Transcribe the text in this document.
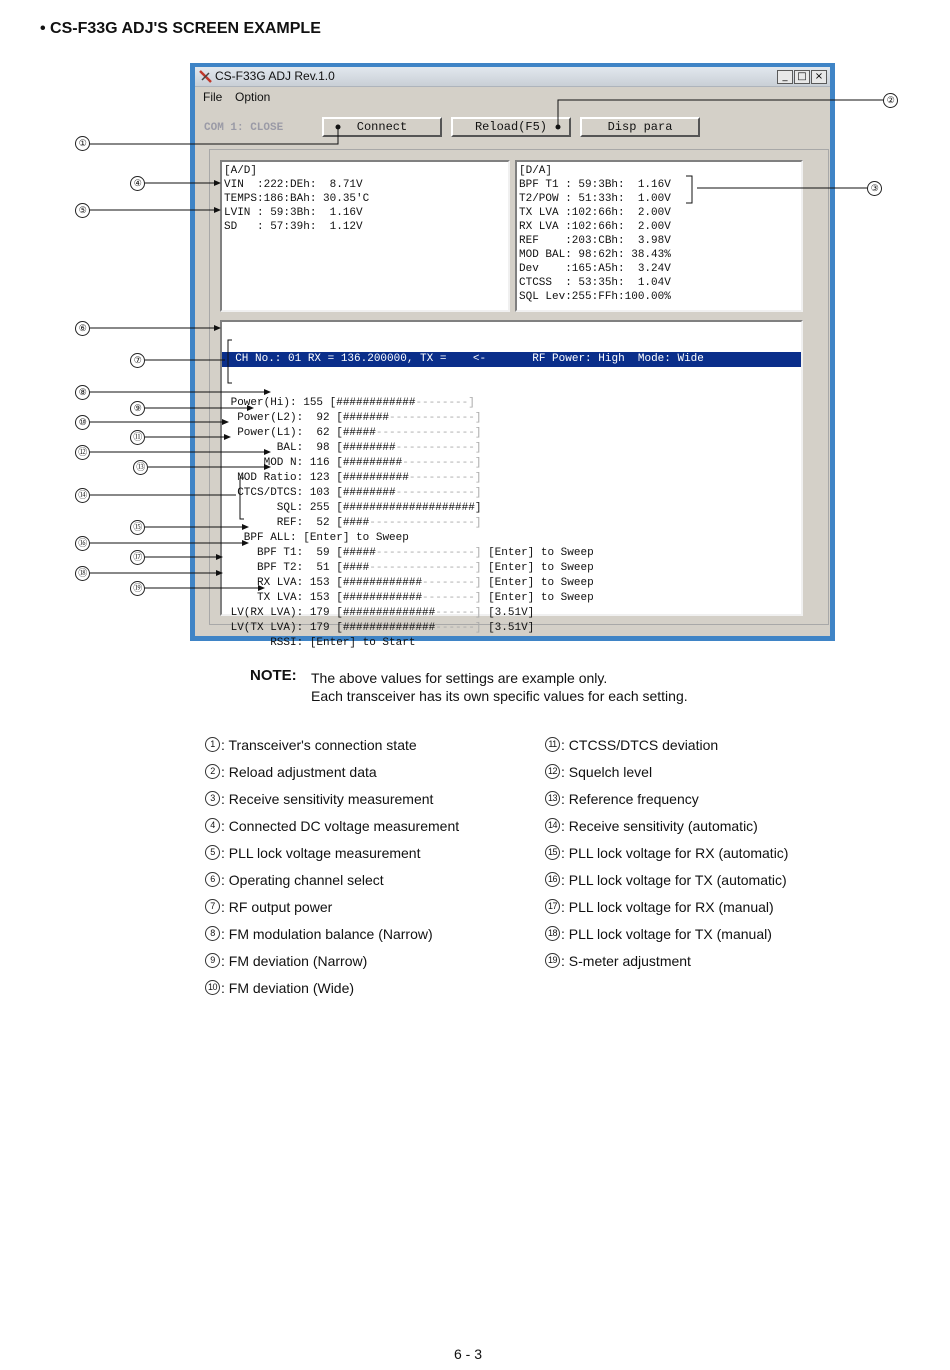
• CS-F33G ADJ'S SCREEN EXAMPLE
CS-F33G ADJ Rev.1.0	_ □ ×
File Option
COM 1: CLOSE	Connect	Reload(F5)	Disp para
[A/D]
VIN  :222:DEh:  8.71V
TEMPS:186:BAh: 30.35'C
LVIN : 59:3Bh:  1.16V
SD   : 57:39h:  1.12V
[D/A]
BPF T1 : 59:3Bh:  1.16V
T2/POW : 51:33h:  1.00V
TX LVA :102:66h:  2.00V
RX LVA :102:66h:  2.00V
REF    :203:CBh:  3.98V
MOD BAL: 98:62h: 38.43%
Dev    :165:A5h:  3.24V
CTCSS  : 53:35h:  1.04V
SQL Lev:255:FFh:100.00%

CH No.: 01 RX = 136.200000, TX =    <-       RF Power: High  Mode: Wide

Power(Hi): 155 [############--------]
Power(L2):  92 [#######-------------]
Power(L1):  62 [#####---------------]
BAL:  98 [########------------]
MOD N: 116 [#########-----------]
MOD Ratio: 123 [##########----------]
CTCS/DTCS: 103 [########------------]
SQL: 255 [####################]
REF:  52 [####----------------]
BPF ALL: [Enter] to Sweep
BPF T1:  59 [#####---------------] [Enter] to Sweep
BPF T2:  51 [####----------------] [Enter] to Sweep
RX LVA: 153 [############--------] [Enter] to Sweep
TX LVA: 153 [############--------] [Enter] to Sweep
LV(RX LVA): 179 [##############------] [3.51V]
LV(TX LVA): 179 [##############------] [3.51V]
RSSI: [Enter] to Start
①
②
③
④
⑤
⑥
⑦
⑧
⑨
⑩
⑪
⑫
⑬
⑭
⑮
⑯
⑰
⑱
⑲
NOTE: The above values for settings are example only.
Each transceiver has its own specific values for each setting.
1 : Transceiver's connection state
2 : Reload adjustment data
3 : Receive sensitivity measurement
4 : Connected DC voltage measurement
5 : PLL lock voltage measurement
6 : Operating channel select
7 : RF output power
8 : FM modulation balance (Narrow)
9 : FM deviation (Narrow)
10 : FM deviation (Wide)
11 : CTCSS/DTCS deviation
12 : Squelch level
13 : Reference frequency
14 : Receive sensitivity (automatic)
15 : PLL lock voltage for RX (automatic)
16 : PLL lock voltage for TX (automatic)
17 : PLL lock voltage for RX (manual)
18 : PLL lock voltage for TX (manual)
19 : S-meter adjustment
6 - 3
